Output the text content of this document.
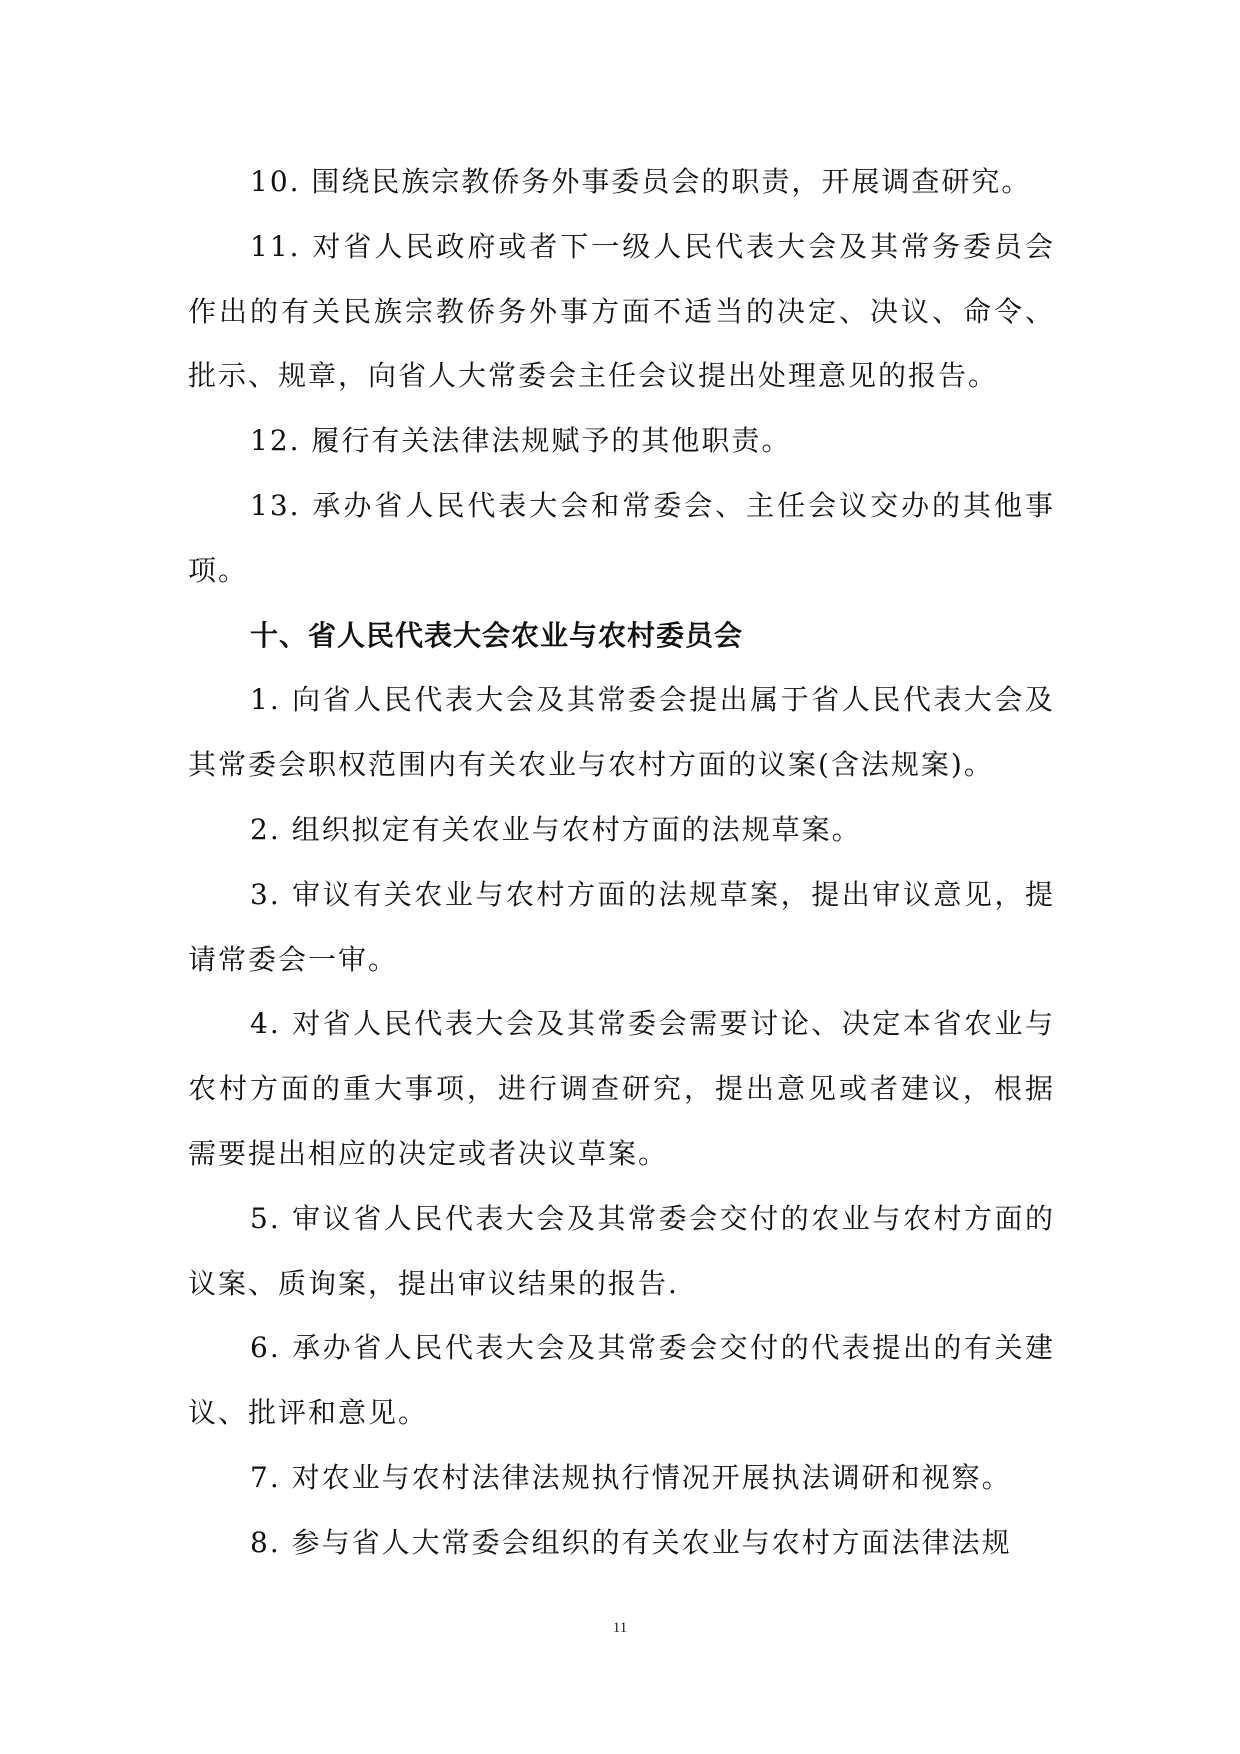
10. 围绕民族宗教侨务外事委员会的职责，开展调查研究。

11. 对省人民政府或者下一级人民代表大会及其常务委员会作出的有关民族宗教侨务外事方面不适当的决定、决议、命令、批示、规章，向省人大常委会主任会议提出处理意见的报告。

12. 履行有关法律法规赋予的其他职责。

13. 承办省人民代表大会和常委会、主任会议交办的其他事项。

十、省人民代表大会农业与农村委员会

1. 向省人民代表大会及其常委会提出属于省人民代表大会及其常委会职权范围内有关农业与农村方面的议案(含法规案)。

2. 组织拟定有关农业与农村方面的法规草案。

3. 审议有关农业与农村方面的法规草案，提出审议意见，提请常委会一审。

4. 对省人民代表大会及其常委会需要讨论、决定本省农业与农村方面的重大事项，进行调查研究，提出意见或者建议，根据需要提出相应的决定或者决议草案。

5. 审议省人民代表大会及其常委会交付的农业与农村方面的议案、质询案，提出审议结果的报告.

6. 承办省人民代表大会及其常委会交付的代表提出的有关建议、批评和意见。

7. 对农业与农村法律法规执行情况开展执法调研和视察。

8. 参与省人大常委会组织的有关农业与农村方面法律法规

11
